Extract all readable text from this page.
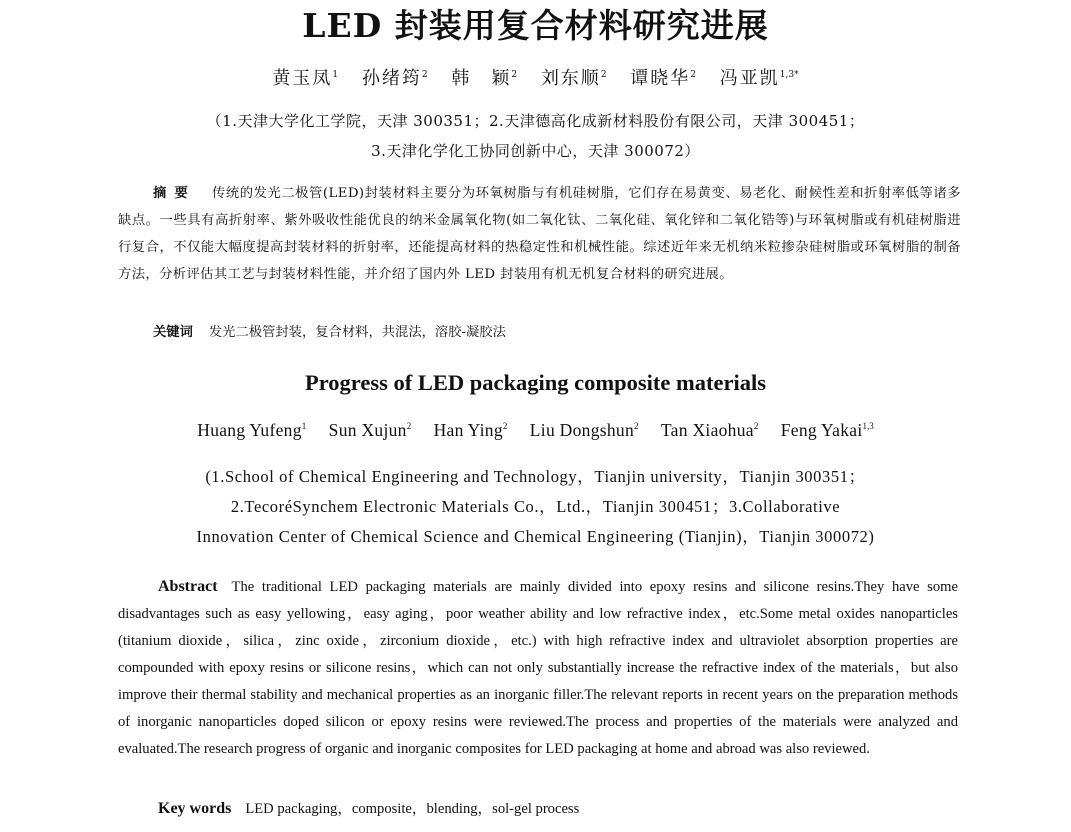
LED 封装用复合材料研究进展
黄玉凤$^1$ 孙绪筠$^2$ 韩　颖$^2$ 刘东顺$^2$ 谭晓华$^2$ 冯亚凯$^{1,3*}$
（1.天津大学化工学院，天津 300351；2.天津德高化成新材料股份有限公司，天津 300451；
3.天津化学化工协同创新中心，天津 300072）
摘要 传统的发光二极管(LED)封装材料主要分为环氧树脂与有机硅树脂，它们存在易黄变、易老化、耐候性差和折射率低等诸多缺点。一些具有高折射率、紫外吸收性能优良的纳米金属氧化物(如二氧化钛、二氧化硅、氧化锌和二氧化锆等)与环氧树脂或有机硅树脂进行复合，不仅能大幅度提高封装材料的折射率，还能提高材料的热稳定性和机械性能。综述近年来无机纳米粒掺杂硅树脂或环氧树脂的制备方法，分析评估其工艺与封装材料性能，并介绍了国内外 LED 封装用有机无机复合材料的研究进展。
关键词 发光二极管封装，复合材料，共混法，溶胶-凝胶法
Progress of LED packaging composite materials
Huang Yufeng$^1$ Sun Xujun$^2$ Han Ying$^2$ Liu Dongshun$^2$ Tan Xiaohua$^2$ Feng Yakai$^{1,3}$
(1.School of Chemical Engineering and Technology，Tianjin university，Tianjin 300351；
2.TecoréSynchem Electronic Materials Co.，Ltd.，Tianjin 300451；3.Collaborative
Innovation Center of Chemical Science and Chemical Engineering (Tianjin)，Tianjin 300072)
Abstract The traditional LED packaging materials are mainly divided into epoxy resins and silicone resins.They have some disadvantages such as easy yellowing，easy aging，poor weather ability and low refractive index，etc.Some metal oxides nanoparticles (titanium dioxide，silica，zinc oxide，zirconium dioxide，etc.) with high refractive index and ultraviolet absorption properties are compounded with epoxy resins or silicone resins，which can not only substantially increase the refractive index of the materials，but also improve their thermal stability and mechanical properties as an inorganic filler.The relevant reports in recent years on the preparation methods of inorganic nanoparticles doped silicon or epoxy resins were reviewed.The process and properties of the materials were analyzed and evaluated.The research progress of organic and inorganic composites for LED packaging at home and abroad was also reviewed.
Key words LED packaging，composite，blending，sol-gel process
